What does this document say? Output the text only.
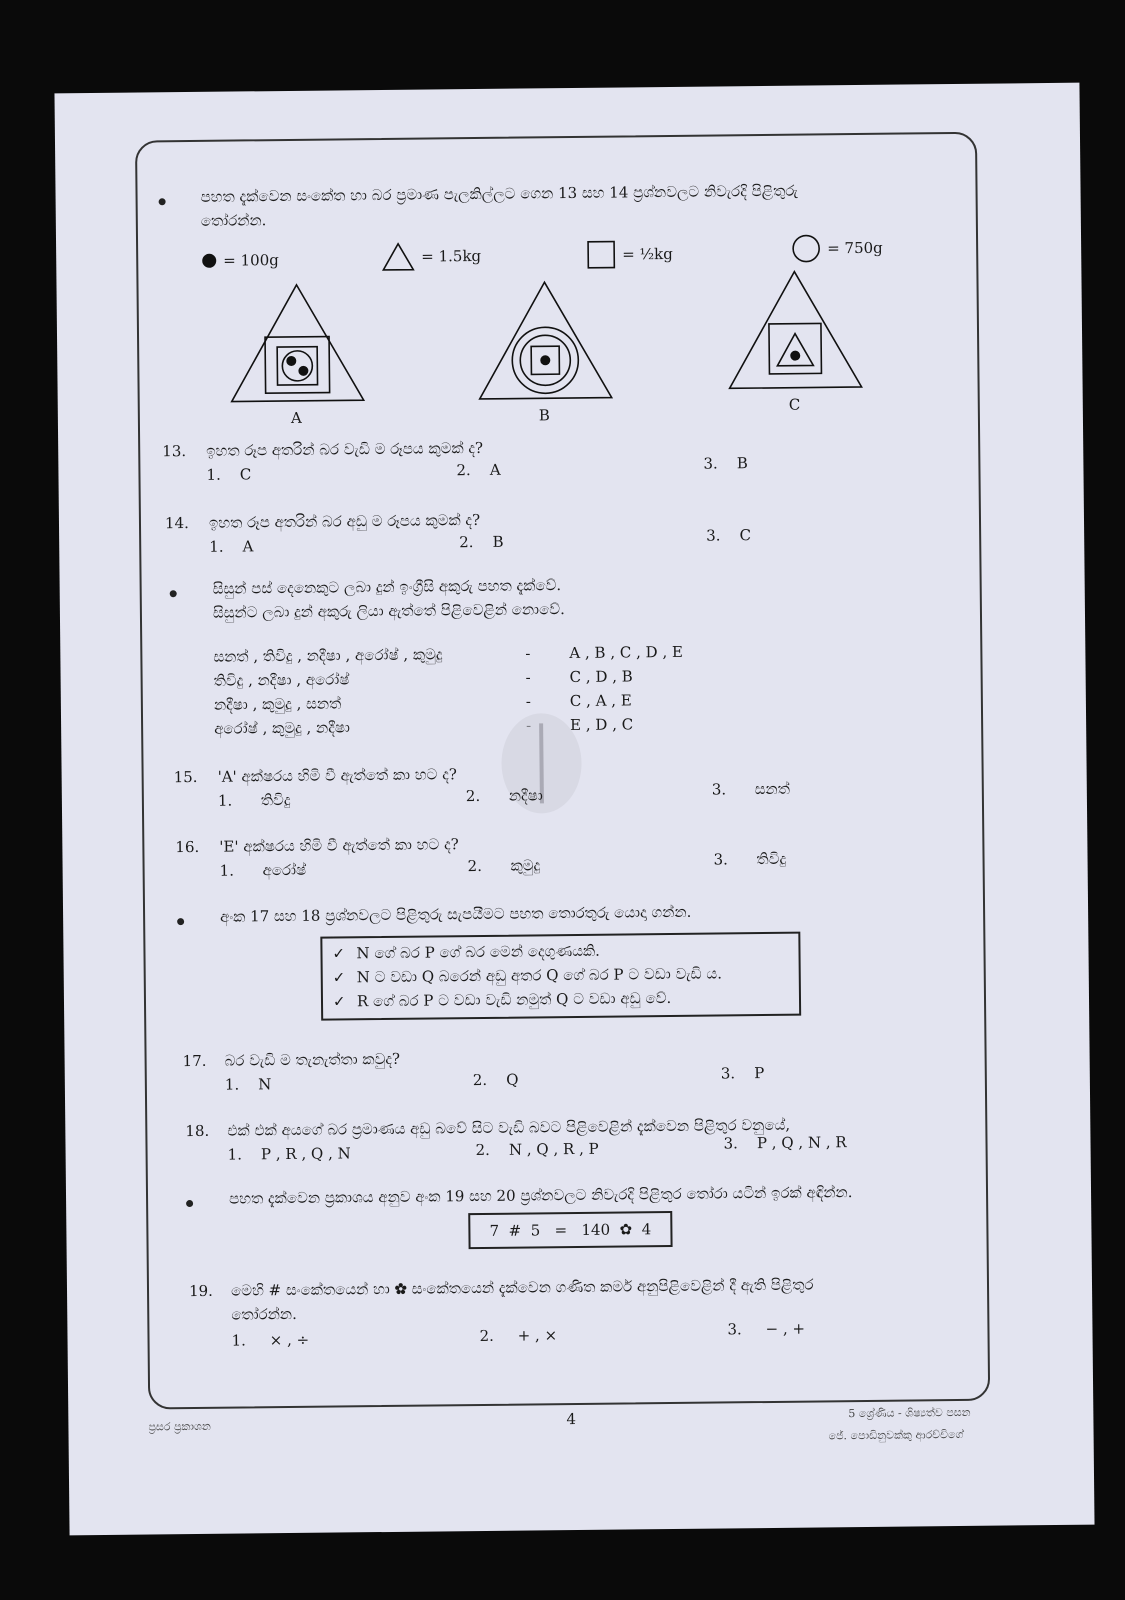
පහත දැක්වෙන සංකේත හා බර ප්‍රමාණ පැලකිල්ලට ගෙන 13 සහ 14 ප්‍රශ්නවලට නිවැරදි පිළිතුරු
තෝරන්න.
= 100g	= 1.5kg	= ½kg	= 750g
A	B
C
13. ඉහත රූප අතරින් බර වැඩි ම රූපය කුමක් ද?
1. C	2. A	3. B
14. ඉහත රූප අතරින් බර අඩු ම රූපය කුමක් ද?
1. A	2. B	3. C
සිසුන් පස් දෙනෙකුට ලබා දුන් ඉංග්‍රීසි අකුරු පහත දැක්වේ.
සිසුන්ට ලබා දුන් අකුරු ලියා ඇත්තේ පිළිවෙළින් නොවේ.
සනත් , තිවිදු , නදීෂා , අරෝෂ් , කුමුදු	-	A , B , C , D , E
තිවිදු , නදීෂා , අරෝෂ්	-	C , D , B
නදීෂා , කුමුදු , සනත්	-	C , A , E
අරෝෂ් , කුමුදු , නදීෂා	E , D , C
15. 'A' අක්ෂරය හිමි වී ඇත්තේ කා හට ද?
1. තිවිදු	2. නදීෂා	3. සනත්
16. 'E' අක්ෂරය හිමි වී ඇත්තේ කා හට ද?
1. අරෝෂ්	2. කුමුදු	3. තිවිදු
අංක 17 සහ 18 ප්‍රශ්නවලට පිළිතුරු සැපයීමට පහත තොරතුරු යොදා ගන්න.
✓ N ගේ බර P ගේ බර මෙන් දෙගුණයකි.
✓ N ට වඩා Q බරෙන් අඩු අතර Q ගේ බර P ට වඩා වැඩි ය.
✓ R ගේ බර P ට වඩා වැඩි නමුත් Q ට වඩා අඩු වේ.
17. බර වැඩි ම තැනැත්තා කවුද?
1. N	2. Q	3. P
18. එක් එක් අයගේ බර ප්‍රමාණය අඩු බවේ සිට වැඩි බවට පිළිවෙළින් දැක්වෙන පිළිතුර වනුයේ,
1. P , R , Q , N	2. N , Q , R , P	3. P , Q , N , R
පහත දැක්වෙන ප්‍රකාශය අනුව අංක 19 සහ 20 ප්‍රශ්නවලට නිවැරදි පිළිතුර තෝරා යටින් ඉරක් අඳින්න.
7  #  5   =   140  ✿  4
19. මෙහි # සංකේතයෙන් හා ✿ සංකේතයෙන් දැක්වෙන ගණිත කර්ම අනුපිළිවෙළින් දී ඇති පිළිතුර
තෝරන්න.
1. × , ÷	2. + , ×	3. − , +
ප්‍රසර ප්‍රකාශන	4	5 ශ්‍රේණිය - ශිෂ්‍යත්ව පසන
ජේ. පොඩිනුවක්කු ආරච්චිගේ
